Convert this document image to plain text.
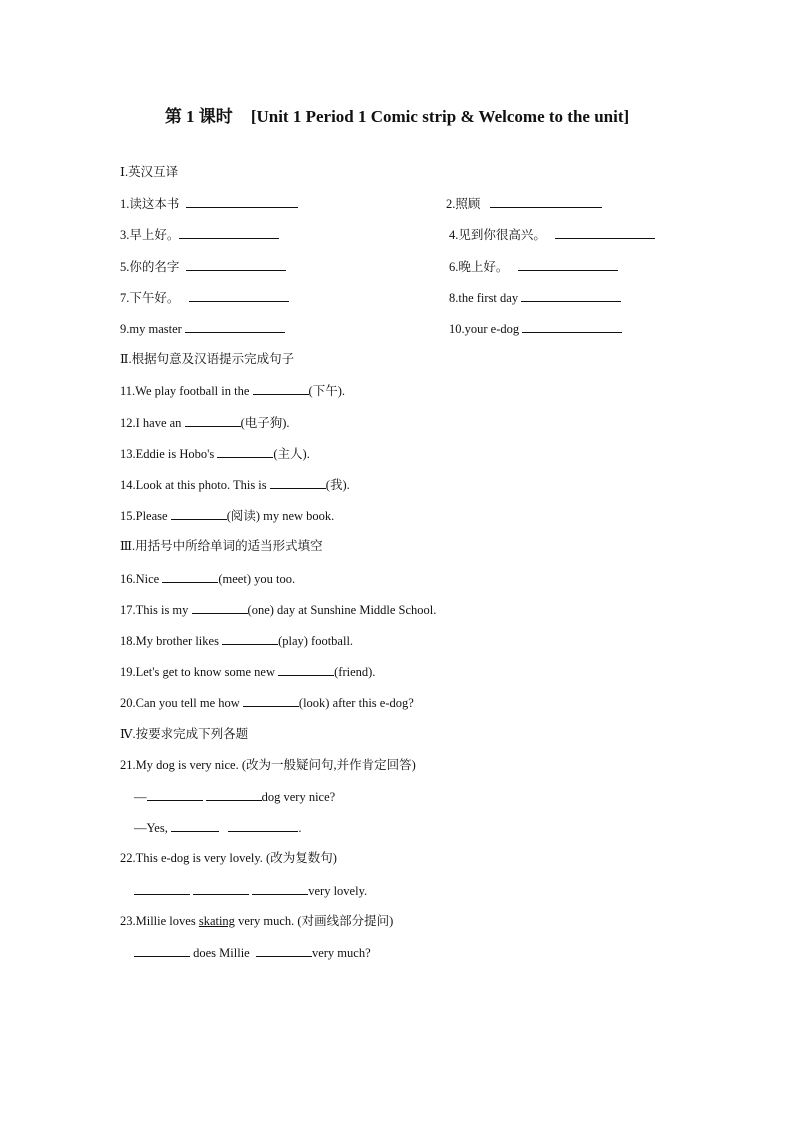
第 1 课时 [Unit 1 Period 1 Comic strip & Welcome to the unit]
Ⅰ.英汉互译
1.读这本书	2.照顾
3.早上好。	4.见到你很高兴。
5.你的名字	6.晚上好。
7.下午好。	8.the first day
9.my master	10.your e-dog
Ⅱ.根据句意及汉语提示完成句子
11.We play football in the	(下午).
12.I have an	(电子狗).
13.Eddie is Hobo's	(主人).
14.Look at this photo. This is	(我).
15.Please	(阅读) my new book.
Ⅲ.用括号中所给单词的适当形式填空
16.Nice	(meet) you too.
17.This is my	(one) day at Sunshine Middle School.
18.My brother likes	(play) football.
19.Let's get to know some new	(friend).
20.Can you tell me how	(look) after this e-dog?
Ⅳ.按要求完成下列各题
21.My dog is very nice. (改为一般疑问句,并作肯定回答)
—	dog very nice?
—Yes,	.
22.This e-dog is very lovely. (改为复数句)
very lovely.
23.Millie loves skating very much. (对画线部分提问)
does Millie	very much?
